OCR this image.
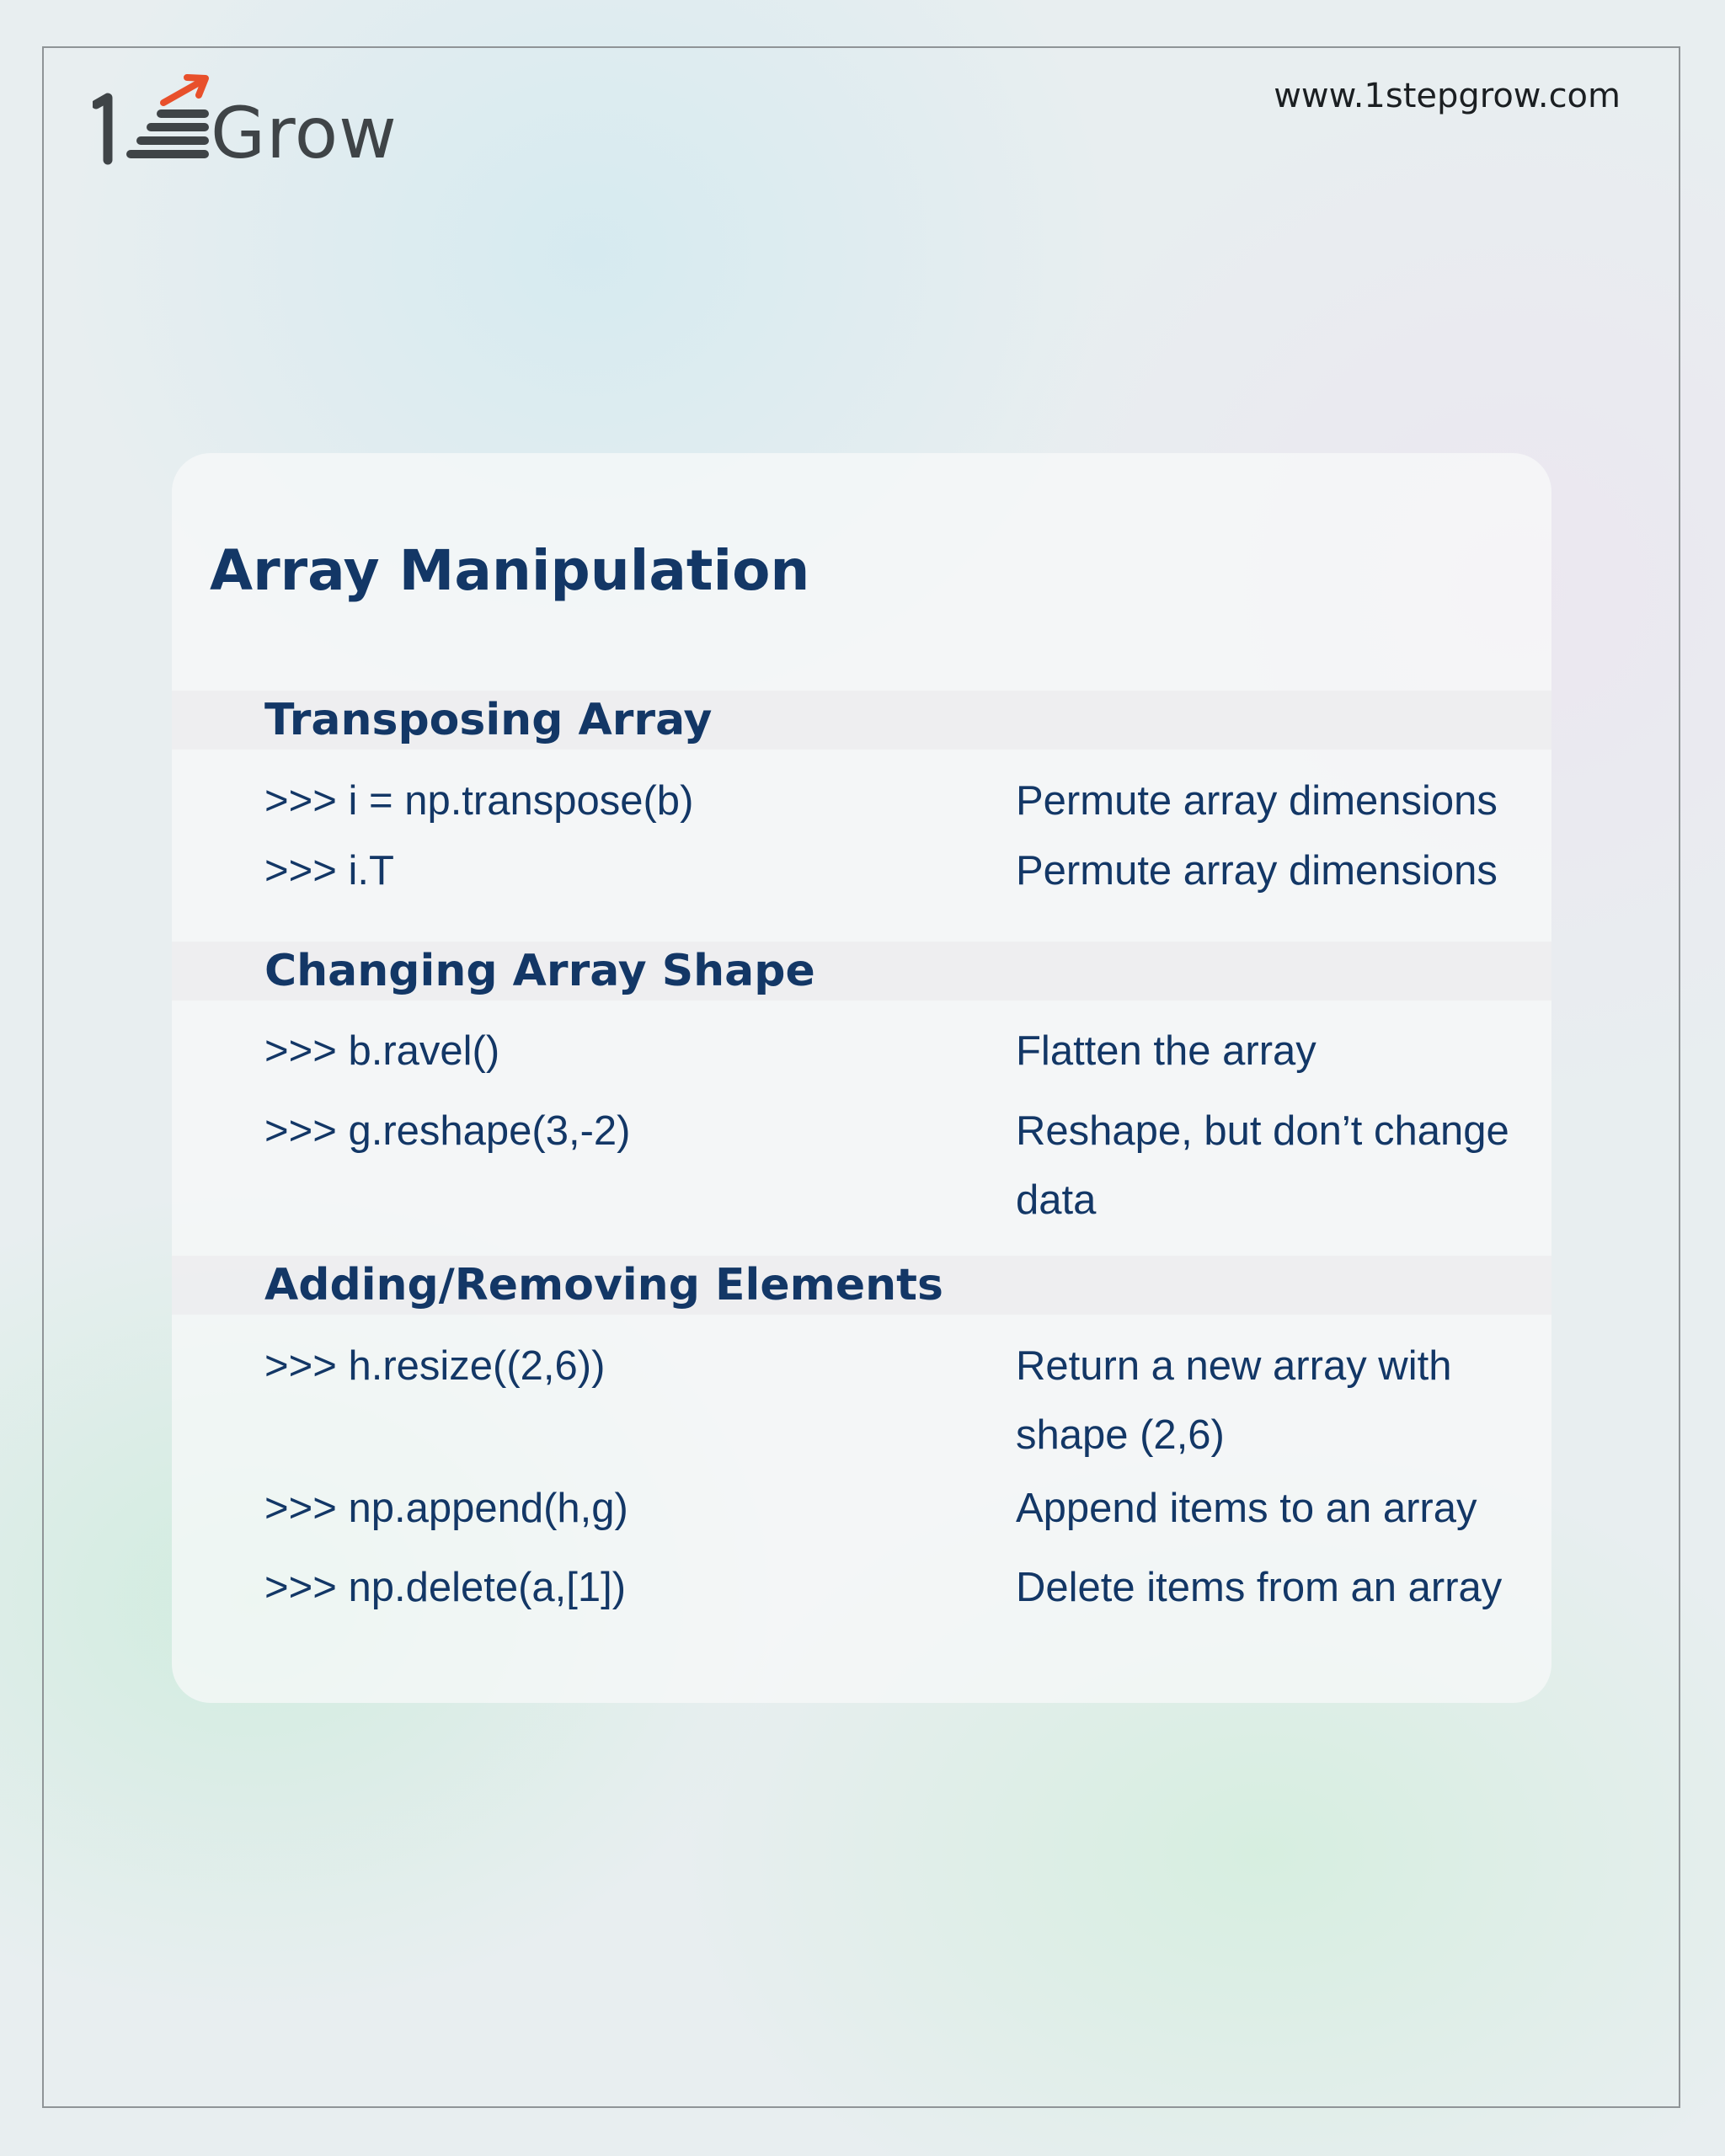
Grow	www.1stepgrow.com
Array Manipulation
Transposing Array
>>> i = np.transpose(b)	Permute array dimensions
>>> i.T	Permute array dimensions
Changing Array Shape
>>> b.ravel()	Flatten the array
>>> g.reshape(3,-2)	Reshape, but don’t change data
Adding/Removing Elements
>>> h.resize((2,6))	Return a new array with shape (2,6)
>>> np.append(h,g)	Append items to an array
>>> np.delete(a,[1])	Delete items from an array
